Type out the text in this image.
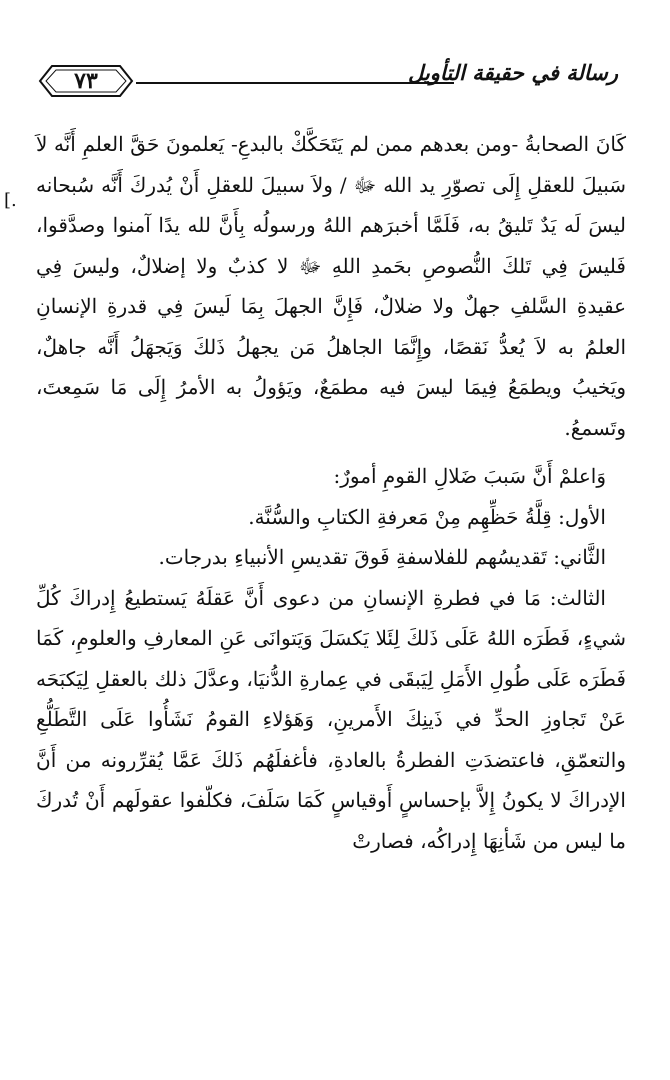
رسالة في حقيقة التأويل
٧٣
[.

كَانَ الصحابةُ -ومن بعدهم ممن لم يَتَحَكَّكْ بالبدعِ- يَعلمونَ حَقَّ العلمِ أَنَّه لاَ سَبيلَ للعقلِ إِلَى تصوّرِ يد الله ﷻ / ولاَ سبيلَ للعقلِ أَنْ يُدركَ أَنَّه سُبحانه ليسَ لَه يَدٌ تَليقُ به، فَلَمَّا أخبرَهم اللهُ ورسولُه بِأَنَّ لله يدًا آمنوا وصدَّقوا، فَليسَ فِي تَلكَ النُّصوصِ بحَمدِ اللهِ ﷻ لا كذبٌ ولا إضلالٌ، وليسَ فِي عقيدةِ السَّلفِ جهلٌ ولا ضلالٌ، فَإِنَّ الجهلَ بِمَا لَيسَ فِي قدرةِ الإنسانِ العلمُ به لاَ يُعدُّ نَقصًا، وإِنَّمَا الجاهلُ مَن يجهلُ ذَلكَ وَيَجهَلُ أَنَّه جاهلٌ، ويَخيبُ ويطمَعُ فِيمَا ليسَ فيه مطمَعٌ، ويَؤولُ به الأمرُ إِلَى مَا سَمِعتَ، وتَسمعُ.

وَاعلمْ أَنَّ سَببَ ضَلالِ القومِ أمورٌ:

الأول: قِلَّةُ حَظِّهِم مِنْ مَعرفةِ الكتابِ والسُّنَّة.

الثَّاني: تَقديسُهم للفلاسفةِ فَوقَ تقديسِ الأنبياءِ بدرجات.

الثالث: مَا في فطرةِ الإنسانِ من دعوى أَنَّ عَقلَهُ يَستطيعُ إِدراكَ كُلِّ شيءٍ، فَطَرَه اللهُ عَلَى ذَلكَ لِئَلا يَكسَلَ وَيَتوانَى عَنِ المعارفِ والعلومِ، كَمَا فَطَرَه عَلَى طُولِ الأَمَلِ لِيَبقَى في عِمارةِ الدُّنيَا، وعدَّلَ ذلك بالعقلِ لِيَكبَحَه عَنْ تَجاوزِ الحدِّ في ذَينِكَ الأَمرينِ، وَهَؤلاءِ القومُ نَشَأُوا عَلَى التَّطَلُّعِ والتعمّقِ، فاعتضدَتِ الفطرةُ بالعادةِ، فأغفلَهُم ذَلكَ عَمَّا يُقرِّرونه من أَنَّ الإدراكَ لا يكونُ إِلاَّ بإحساسٍ أَوقياسٍ كَمَا سَلَفَ، فكلّفوا عقولَهم أَنْ تُدركَ ما ليس من شَأنِهَا إِدراكُه، فصارتْ
